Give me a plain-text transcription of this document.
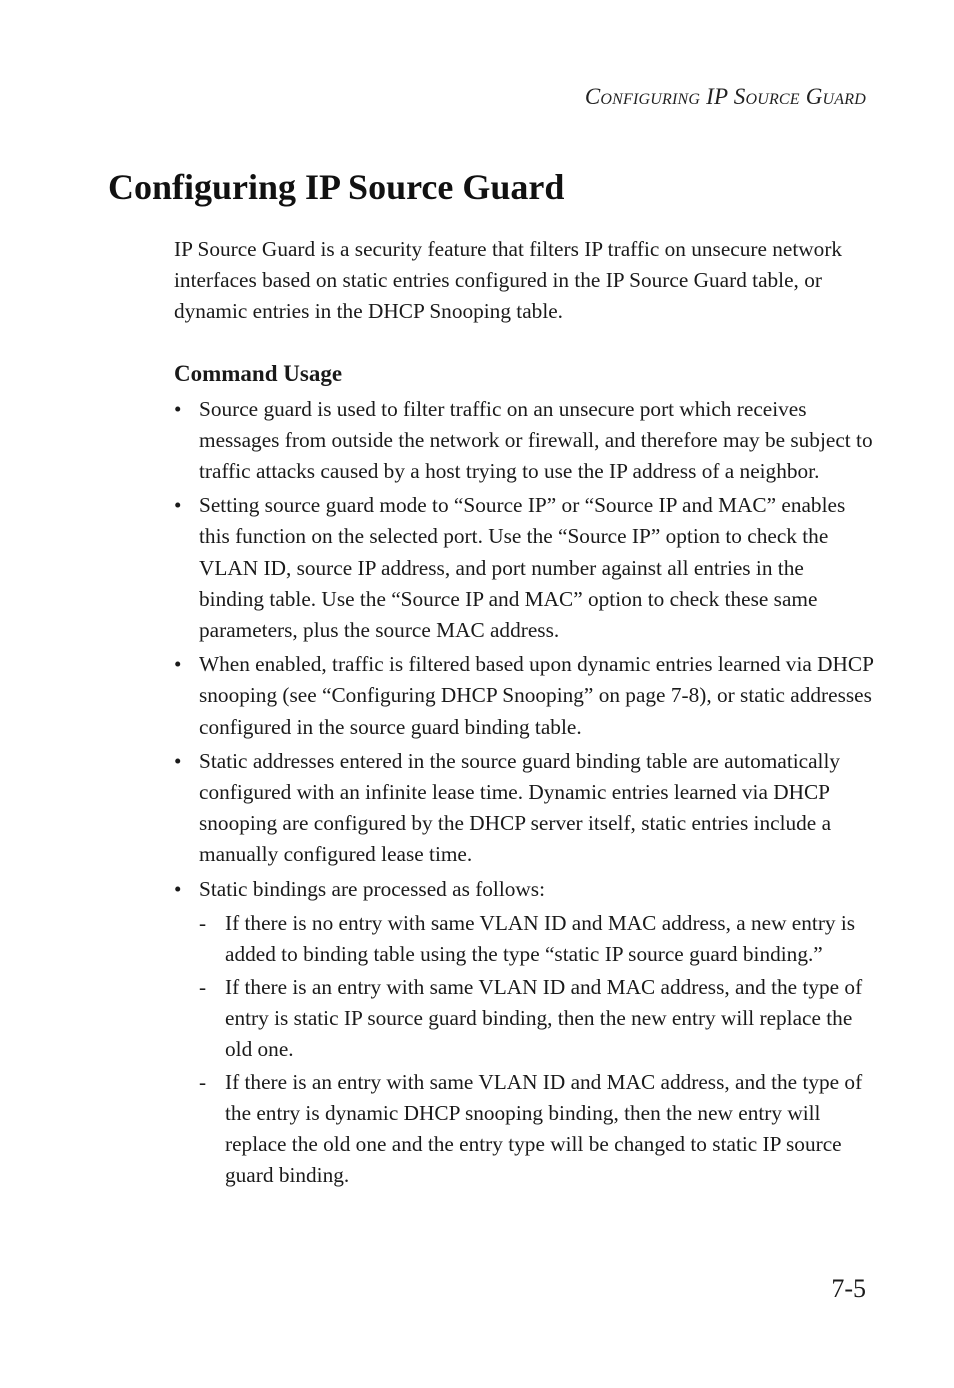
Configuring IP Source Guard
Configuring IP Source Guard

IP Source Guard is a security feature that filters IP traffic on unsecure network interfaces based on static entries configured in the IP Source Guard table, or dynamic entries in the DHCP Snooping table.

Command Usage
• Source guard is used to filter traffic on an unsecure port which receives messages from outside the network or firewall, and therefore may be subject to traffic attacks caused by a host trying to use the IP address of a neighbor.
• Setting source guard mode to “Source IP” or “Source IP and MAC” enables this function on the selected port. Use the “Source IP” option to check the VLAN ID, source IP address, and port number against all entries in the binding table. Use the “Source IP and MAC” option to check these same parameters, plus the source MAC address.
• When enabled, traffic is filtered based upon dynamic entries learned via DHCP snooping (see “Configuring DHCP Snooping” on page 7-8), or static addresses configured in the source guard binding table.
• Static addresses entered in the source guard binding table are automatically configured with an infinite lease time. Dynamic entries learned via DHCP snooping are configured by the DHCP server itself, static entries include a manually configured lease time.
• Static bindings are processed as follows:
- If there is no entry with same VLAN ID and MAC address, a new entry is added to binding table using the type “static IP source guard binding.”
- If there is an entry with same VLAN ID and MAC address, and the type of entry is static IP source guard binding, then the new entry will replace the old one.
- If there is an entry with same VLAN ID and MAC address, and the type of the entry is dynamic DHCP snooping binding, then the new entry will replace the old one and the entry type will be changed to static IP source guard binding.
7-5
